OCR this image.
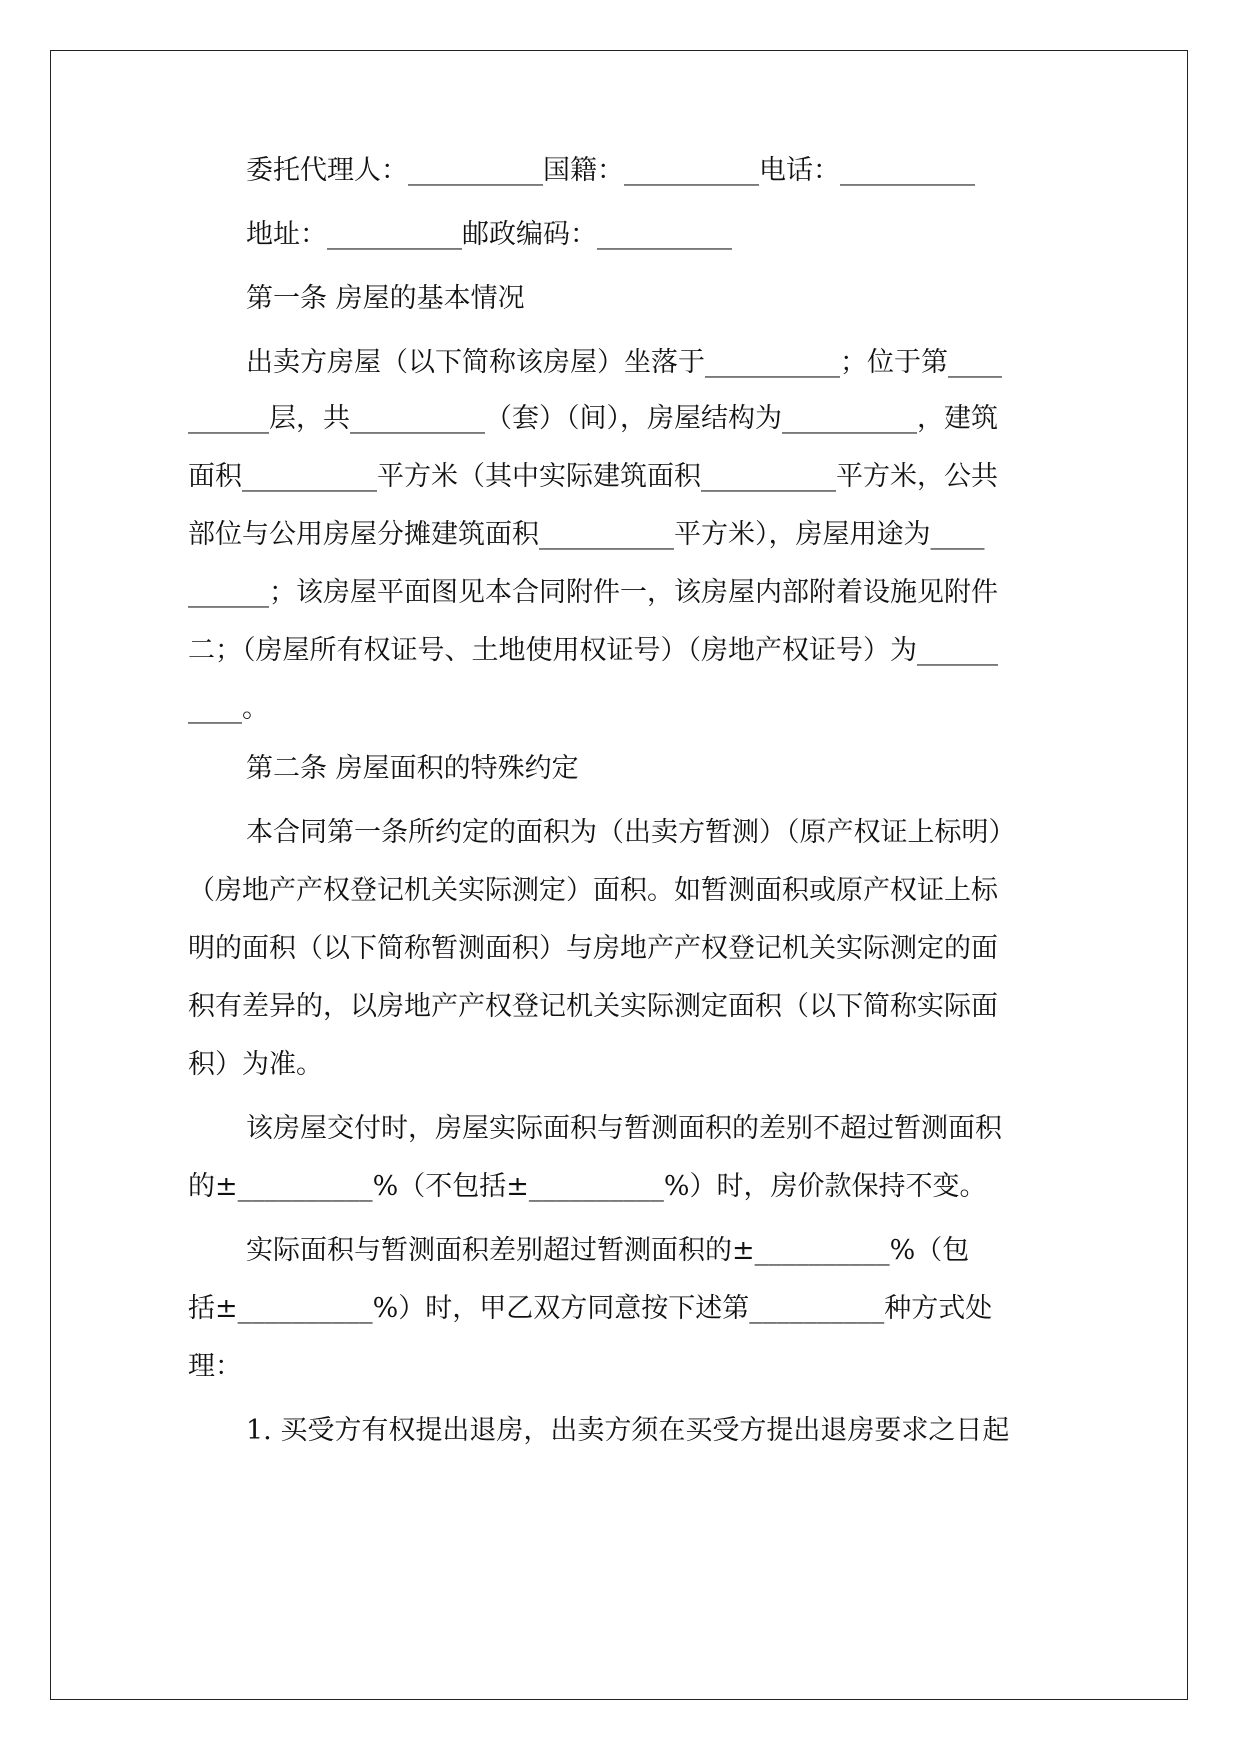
委托代理人：__________国籍：__________电话：__________
地址：__________邮政编码：__________
第一条 房屋的基本情况
出卖方房屋（以下简称该房屋）坐落于__________；位于第____
______层，共__________（套）（间），房屋结构为__________，建筑
面积__________平方米（其中实际建筑面积__________平方米，公共
部位与公用房屋分摊建筑面积__________平方米），房屋用途为____
______；该房屋平面图见本合同附件一，该房屋内部附着设施见附件
二；（房屋所有权证号、土地使用权证号）（房地产权证号）为______
____。
第二条 房屋面积的特殊约定
本合同第一条所约定的面积为（出卖方暂测）（原产权证上标明）
（房地产产权登记机关实际测定）面积。如暂测面积或原产权证上标
明的面积（以下简称暂测面积）与房地产产权登记机关实际测定的面
积有差异的，以房地产产权登记机关实际测定面积（以下简称实际面
积）为准。
该房屋交付时，房屋实际面积与暂测面积的差别不超过暂测面积
的±__________%（不包括±__________%）时，房价款保持不变。
实际面积与暂测面积差别超过暂测面积的±__________%（包
括±__________%）时，甲乙双方同意按下述第__________种方式处
理：
1. 买受方有权提出退房，出卖方须在买受方提出退房要求之日起
